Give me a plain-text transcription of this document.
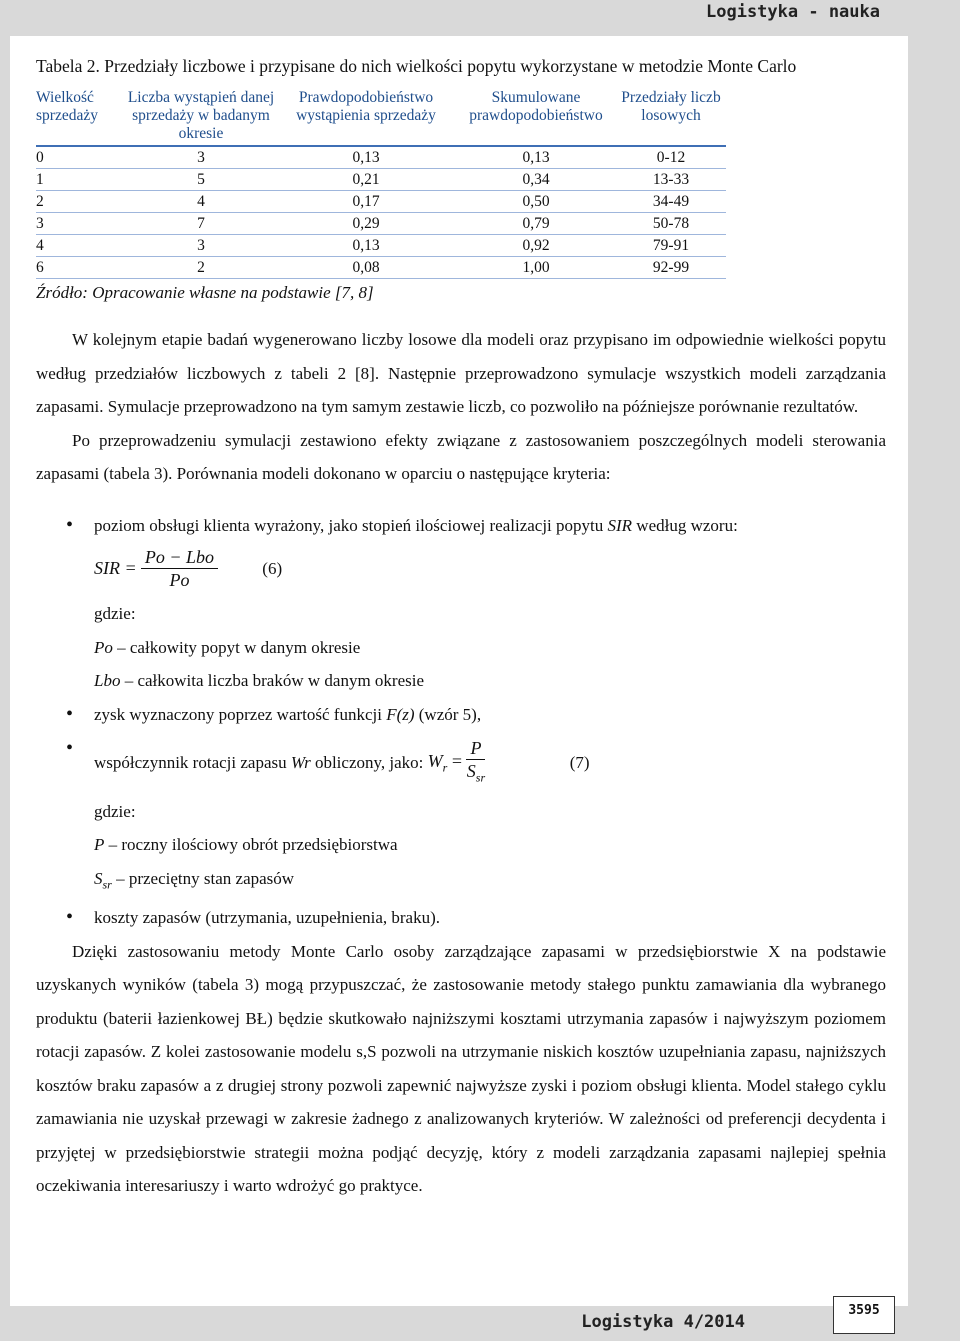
Logistyka - nauka
Tabela 2. Przedziały liczbowe i przypisane do nich wielkości popytu wykorzystane w metodzie Monte Carlo
Wielkość sprzedaży	Liczba wystąpień danej sprzedaży w badanym okresie	Prawdopodobieństwo wystąpienia sprzedaży	Skumulowane prawdopodobieństwo	Przedziały liczb losowych
0	3	0,13	0,13	0-12
1	5	0,21	0,34	13-33
2	4	0,17	0,50	34-49
3	7	0,29	0,79	50-78
4	3	0,13	0,92	79-91
6	2	0,08	1,00	92-99
Źródło: Opracowanie własne na podstawie [7, 8]

W kolejnym etapie badań wygenerowano liczby losowe dla modeli oraz przypisano im odpowiednie wielkości popytu według przedziałów liczbowych z tabeli 2 [8]. Następnie przeprowadzono symulacje wszystkich modeli zarządzania zapasami. Symulacje przeprowadzono na tym samym zestawie liczb, co pozwoliło na późniejsze porównanie rezultatów.

Po przeprowadzeniu symulacji zestawiono efekty związane z zastosowaniem poszczególnych modeli sterowania zapasami (tabela 3). Porównania modeli dokonano w oparciu o następujące kryteria:

• poziom obsługi klienta wyrażony, jako stopień ilościowej realizacji popytu SIR według wzoru:

SIR = $\frac{\text{Po − Lbo}}{Po}$	(6)

gdzie:

Po – całkowity popyt w danym okresie

Lbo – całkowita liczba braków w danym okresie

• zysk wyznaczony poprzez wartość funkcji F(z) (wzór 5),

• współczynnik rotacji zapasu Wr obliczony, jako: $W_r = \frac{P}{S_{sr}}$	(7)

gdzie:

P – roczny ilościowy obrót przedsiębiorstwa

$S_{sr}$ – przeciętny stan zapasów

• koszty zapasów (utrzymania, uzupełnienia, braku).

Dzięki zastosowaniu metody Monte Carlo osoby zarządzające zapasami w przedsiębiorstwie X na podstawie uzyskanych wyników (tabela 3) mogą przypuszczać, że zastosowanie metody stałego punktu zamawiania dla wybranego produktu (baterii łazienkowej BŁ) będzie skutkowało najniższymi kosztami utrzymania zapasów i najwyższym poziomem rotacji zapasów. Z kolei zastosowanie modelu s,S pozwoli na utrzymanie niskich kosztów uzupełniania zapasu, najniższych kosztów braku zapasów a z drugiej strony pozwoli zapewnić najwyższe zyski i poziom obsługi klienta. Model stałego cyklu zamawiania nie uzyskał przewagi w zakresie żadnego z analizowanych kryteriów. W zależności od preferencji decydenta i przyjętej w przedsiębiorstwie strategii można podjąć decyzję, który z modeli zarządzania zapasami najlepiej spełnia oczekiwania interesariuszy i warto wdrożyć go praktyce.

Logistyka 4/2014
3595
